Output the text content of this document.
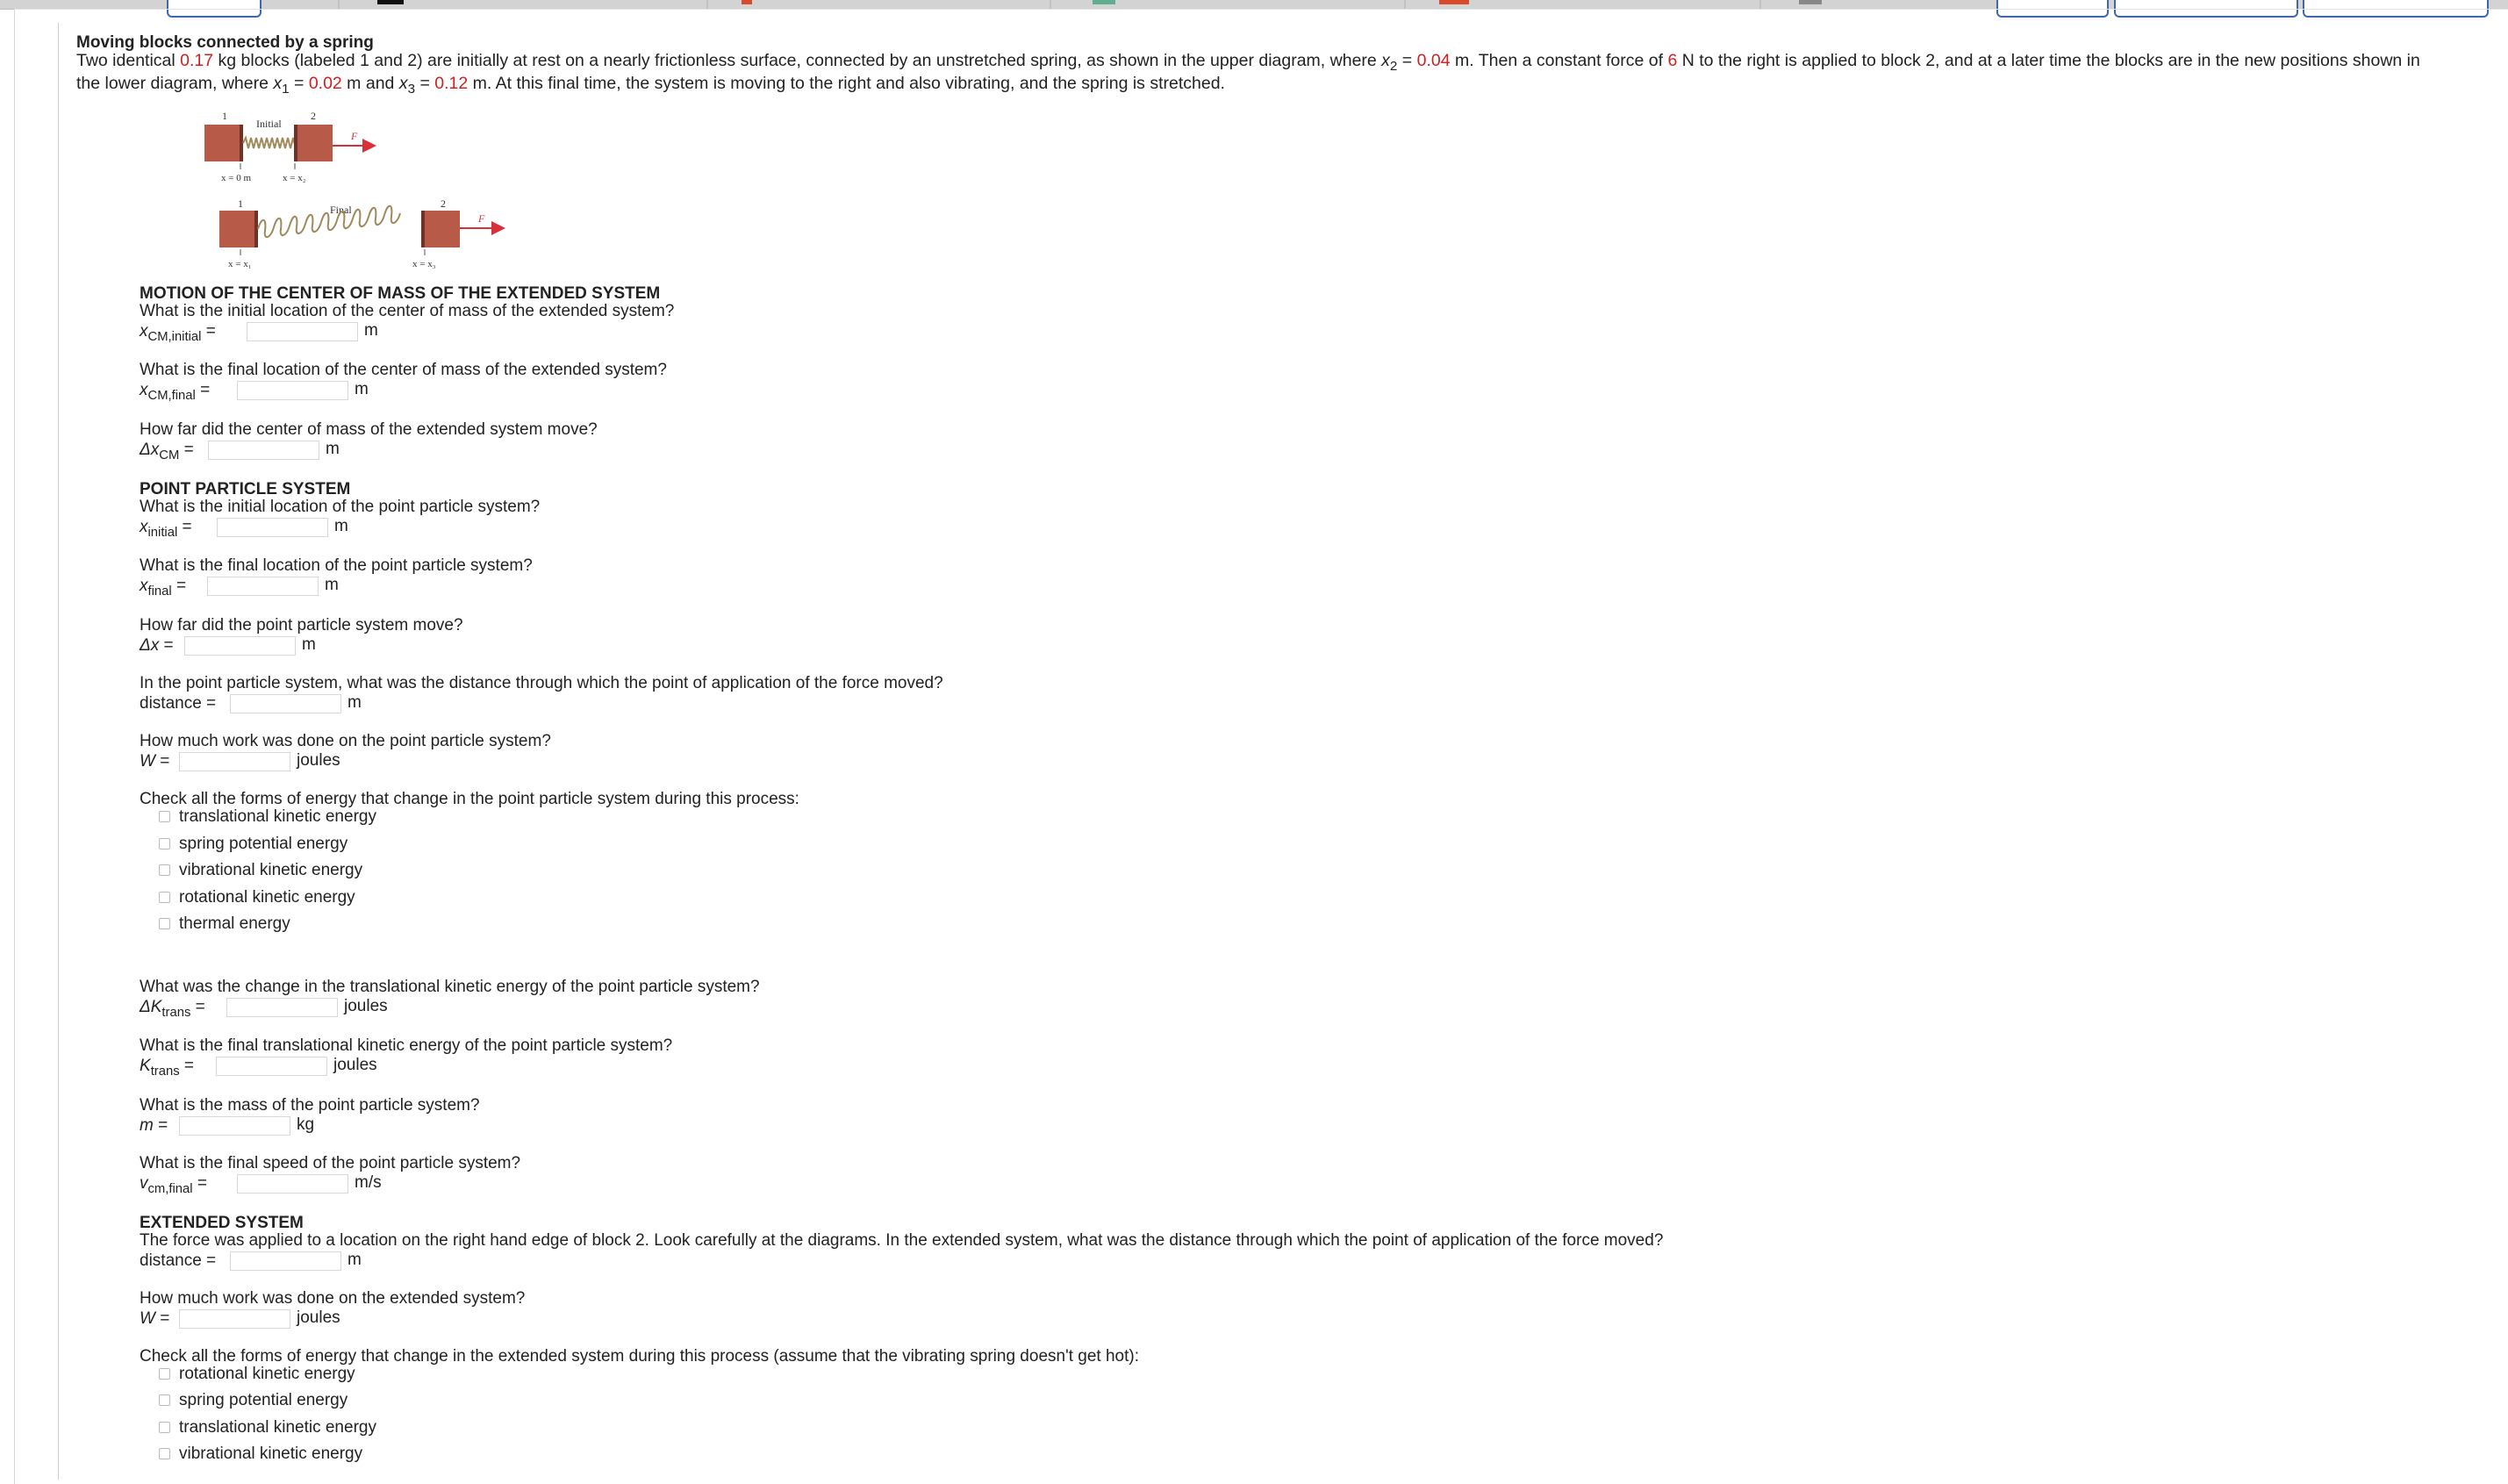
Moving blocks connected by a spring
Two identical 0.17 kg blocks (labeled 1 and 2) are initially at rest on a nearly frictionless surface, connected by an unstretched spring, as shown in the upper diagram, where $x_2 = 0.04$ m. Then a constant force of 6 N to the right is applied to block 2, and at a later time the blocks are in the new positions shown in the lower diagram, where $x_1 = 0.02$ m and $x_3 = 0.12$ m. At this final time, the system is moving to the right and also vibrating, and the spring is stretched.
Initial
1	2
F
x = 0 m	x = x₂
Final
1	2
F
x = x₁	x = x₃
MOTION OF THE CENTER OF MASS OF THE EXTENDED SYSTEM
What is the initial location of the center of mass of the extended system?
$x_{CM,initial}$ =	m
What is the final location of the center of mass of the extended system?
$x_{CM,final}$ =	m
How far did the center of mass of the extended system move?
$\Delta x_{CM}$ =	m
POINT PARTICLE SYSTEM
What is the initial location of the point particle system?
$x_{initial}$ =	m
What is the final location of the point particle system?
$x_{final}$ =	m
How far did the point particle system move?
Δx =	m
In the point particle system, what was the distance through which the point of application of the force moved?
distance =	m
How much work was done on the point particle system?
W =	joules
Check all the forms of energy that change in the point particle system during this process:
translational kinetic energy
spring potential energy
vibrational kinetic energy
rotational kinetic energy
thermal energy
What was the change in the translational kinetic energy of the point particle system?
$\Delta K_{trans}$ =	joules
What is the final translational kinetic energy of the point particle system?
$K_{trans}$ =	joules
What is the mass of the point particle system?
m =	kg
What is the final speed of the point particle system?
$v_{cm,final}$ =	m/s
EXTENDED SYSTEM
The force was applied to a location on the right hand edge of block 2. Look carefully at the diagrams. In the extended system, what was the distance through which the point of application of the force moved?
distance =	m
How much work was done on the extended system?
W =	joules
Check all the forms of energy that change in the extended system during this process (assume that the vibrating spring doesn't get hot):
rotational kinetic energy
spring potential energy
translational kinetic energy
vibrational kinetic energy
